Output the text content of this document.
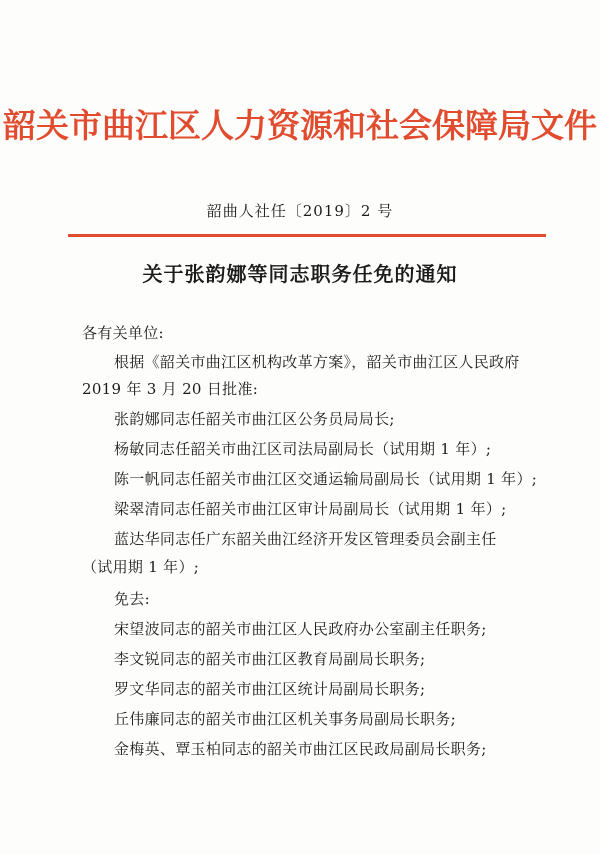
韶关市曲江区人力资源和社会保障局文件
韶曲人社任〔2019〕2 号
关于张韵娜等同志职务任免的通知
各有关单位:
根据《韶关市曲江区机构改革方案》，韶关市曲江区人民政府
2019 年 3 月 20 日批准:
张韵娜同志任韶关市曲江区公务员局局长;
杨敏同志任韶关市曲江区司法局副局长（试用期 1 年）;
陈一帆同志任韶关市曲江区交通运输局副局长（试用期 1 年）;
梁翠清同志任韶关市曲江区审计局副局长（试用期 1 年）;
蓝达华同志任广东韶关曲江经济开发区管理委员会副主任
（试用期 1 年）;
免去:
宋望波同志的韶关市曲江区人民政府办公室副主任职务;
李文锐同志的韶关市曲江区教育局副局长职务;
罗文华同志的韶关市曲江区统计局副局长职务;
丘伟廉同志的韶关市曲江区机关事务局副局长职务;
金梅英、覃玉柏同志的韶关市曲江区民政局副局长职务;
